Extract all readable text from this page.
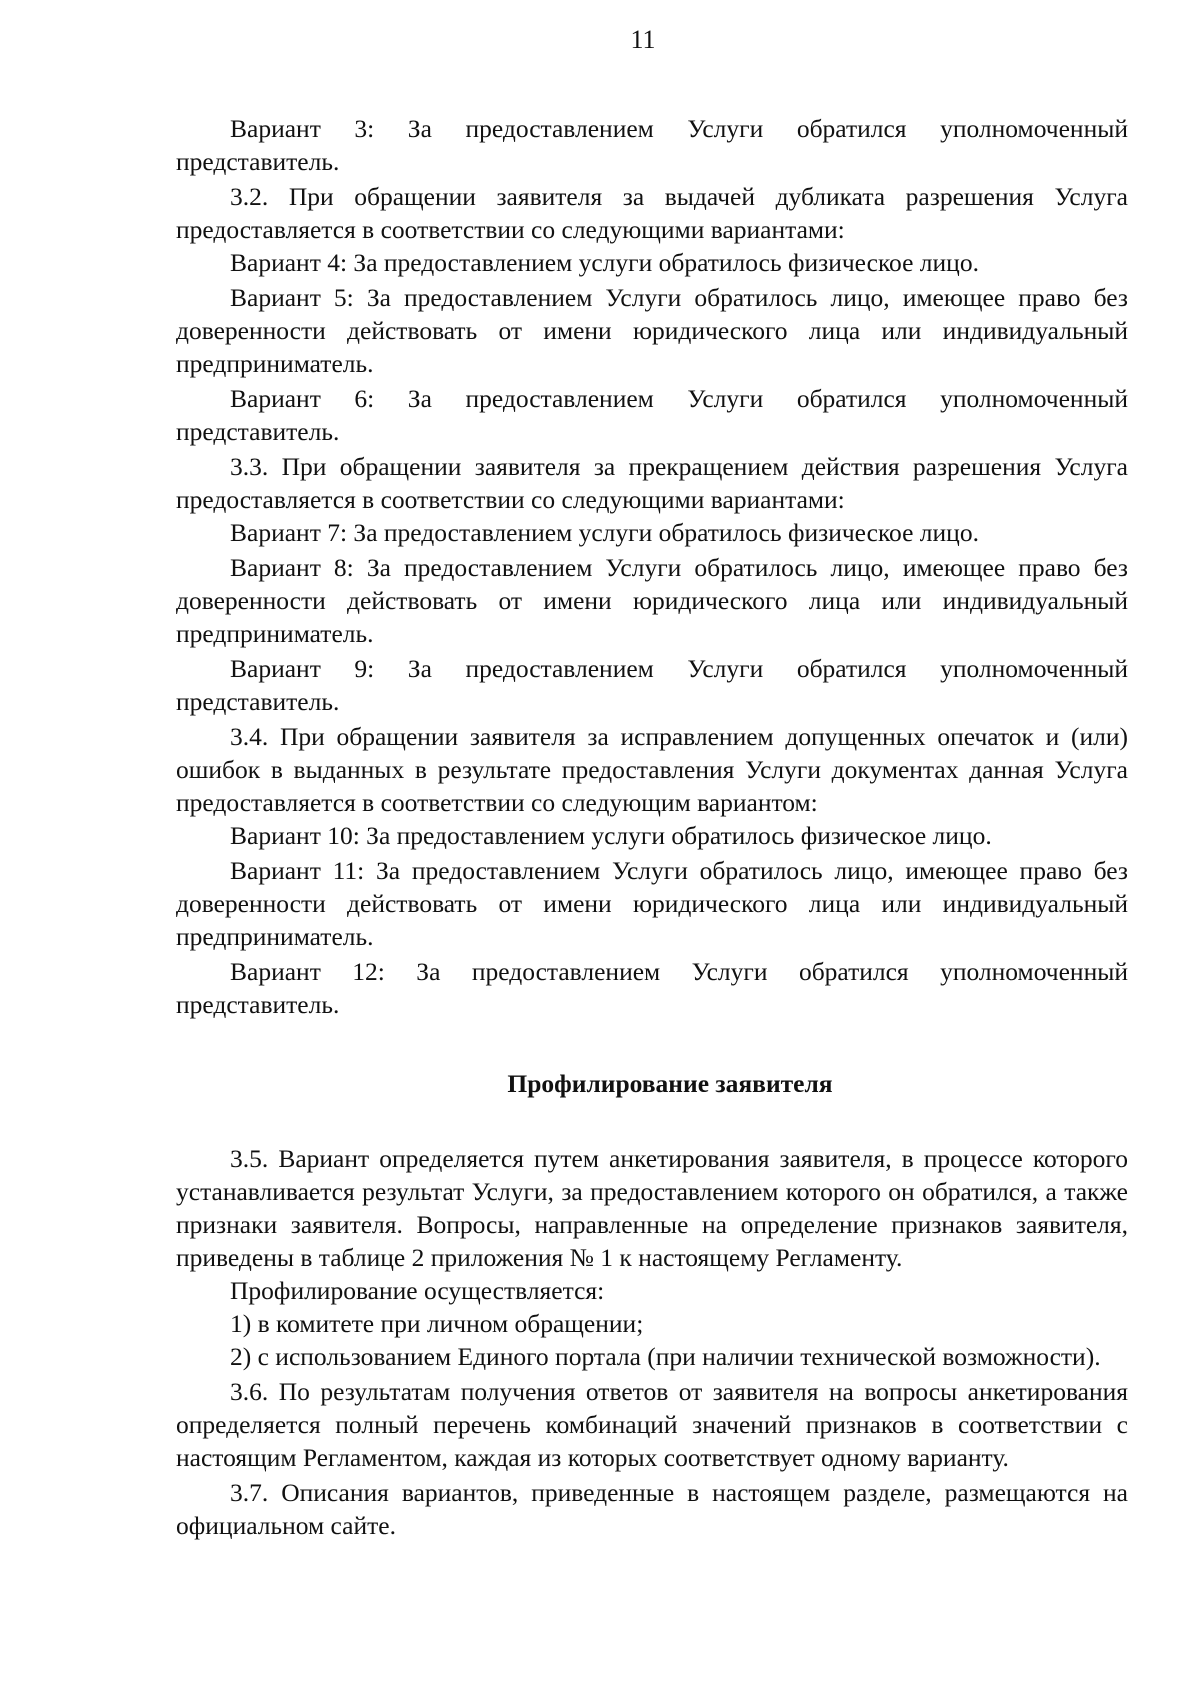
11

Вариант 3: За предоставлением Услуги обратился уполномоченный представитель.

3.2. При обращении заявителя за выдачей дубликата разрешения Услуга предоставляется в соответствии со следующими вариантами:

Вариант 4: За предоставлением услуги обратилось физическое лицо.

Вариант 5: За предоставлением Услуги обратилось лицо, имеющее право без доверенности действовать от имени юридического лица или индивидуальный предприниматель.

Вариант 6: За предоставлением Услуги обратился уполномоченный представитель.

3.3. При обращении заявителя за прекращением действия разрешения Услуга предоставляется в соответствии со следующими вариантами:

Вариант 7: За предоставлением услуги обратилось физическое лицо.

Вариант 8: За предоставлением Услуги обратилось лицо, имеющее право без доверенности действовать от имени юридического лица или индивидуальный предприниматель.

Вариант 9: За предоставлением Услуги обратился уполномоченный представитель.

3.4. При обращении заявителя за исправлением допущенных опечаток и (или) ошибок в выданных в результате предоставления Услуги документах данная Услуга предоставляется в соответствии со следующим вариантом:

Вариант 10: За предоставлением услуги обратилось физическое лицо.

Вариант 11: За предоставлением Услуги обратилось лицо, имеющее право без доверенности действовать от имени юридического лица или индивидуальный предприниматель.

Вариант 12: За предоставлением Услуги обратился уполномоченный представитель.

Профилирование заявителя

3.5. Вариант определяется путем анкетирования заявителя, в процессе которого устанавливается результат Услуги, за предоставлением которого он обратился, а также признаки заявителя. Вопросы, направленные на определение признаков заявителя, приведены в таблице 2 приложения № 1 к настоящему Регламенту.

Профилирование осуществляется:

1) в комитете при личном обращении;

2) с использованием Единого портала (при наличии технической возможности).

3.6. По результатам получения ответов от заявителя на вопросы анкетирования определяется полный перечень комбинаций значений признаков в соответствии с настоящим Регламентом, каждая из которых соответствует одному варианту.

3.7. Описания вариантов, приведенные в настоящем разделе, размещаются на официальном сайте.
